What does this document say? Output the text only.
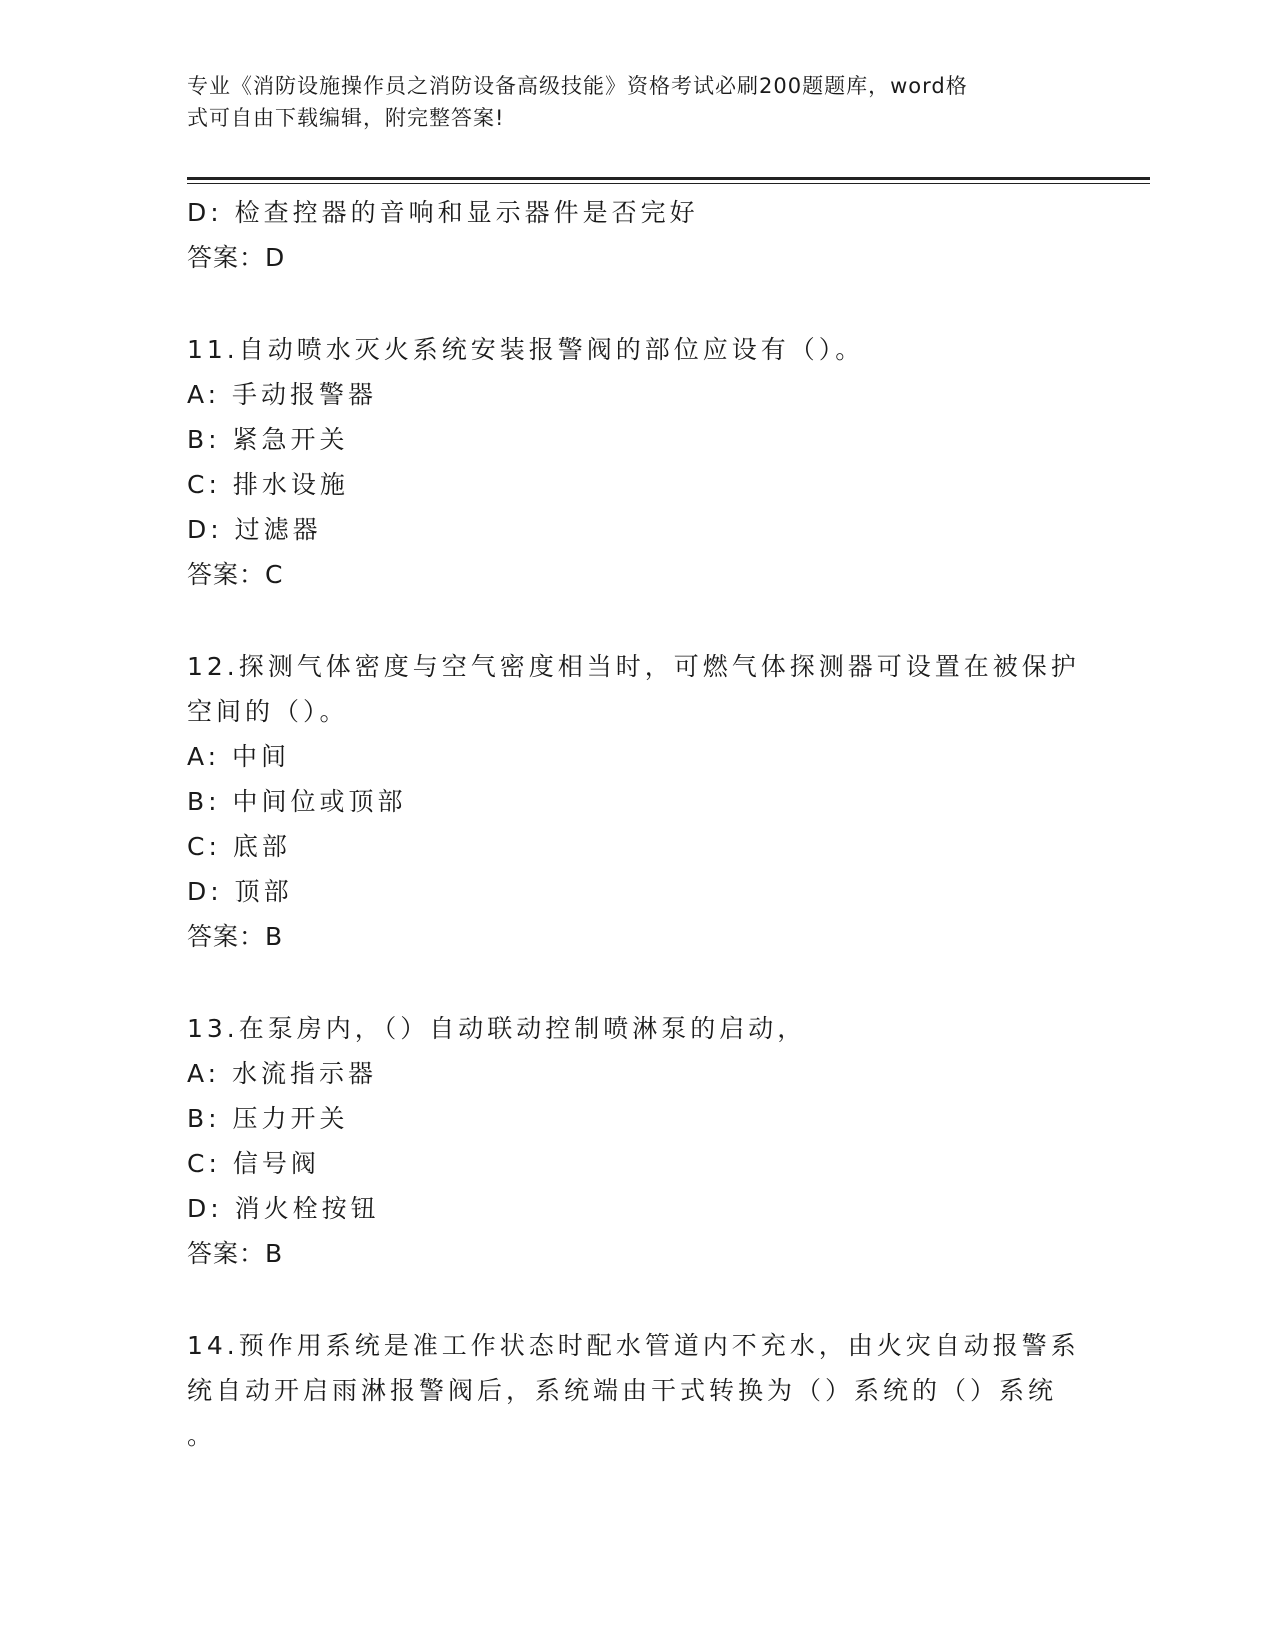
专业《消防设施操作员之消防设备高级技能》资格考试必刷200题题库，word格
式可自由下载编辑，附完整答案!
D: 检查控器的音响和显示器件是否完好
答案：D
11.自动喷水灭火系统安装报警阀的部位应设有（）。
A: 手动报警器
B: 紧急开关
C: 排水设施
D: 过滤器
答案：C
12.探测气体密度与空气密度相当时，可燃气体探测器可设置在被保护
空间的（）。
A: 中间
B: 中间位或顶部
C: 底部
D: 顶部
答案：B
13.在泵房内，（）自动联动控制喷淋泵的启动，
A: 水流指示器
B: 压力开关
C: 信号阀
D: 消火栓按钮
答案：B
14.预作用系统是准工作状态时配水管道内不充水，由火灾自动报警系
统自动开启雨淋报警阀后，系统端由干式转换为（）系统的（）系统
。
